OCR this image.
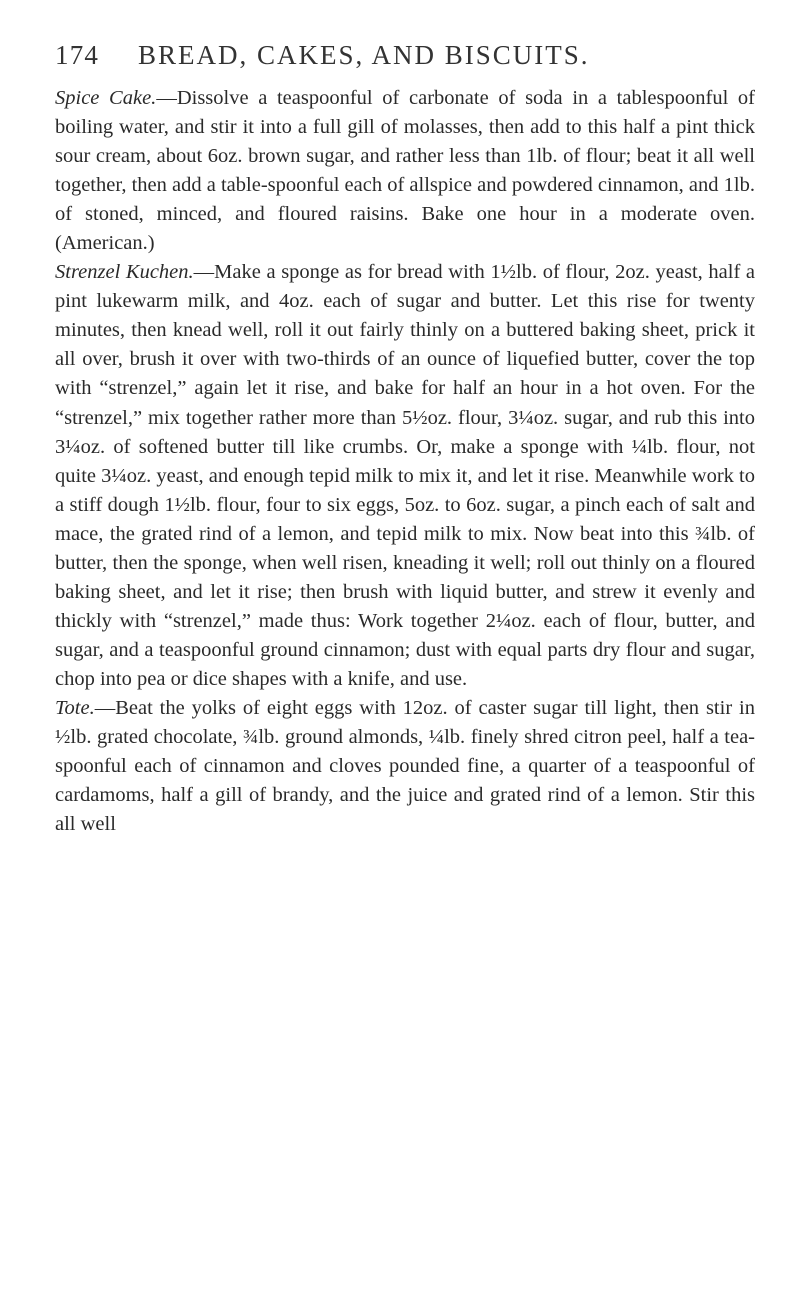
174 BREAD, CAKES, AND BISCUITS.

Spice Cake.—Dissolve a teaspoonful of carbonate of soda in a tablespoonful of boiling water, and stir it into a full gill of molasses, then add to this half a pint thick sour cream, about 6oz. brown sugar, and rather less than 1lb. of flour; beat it all well together, then add a table-spoonful each of allspice and powdered cinnamon, and 1lb. of stoned, minced, and floured raisins. Bake one hour in a moderate oven. (American.)

Strenzel Kuchen.—Make a sponge as for bread with 1½lb. of flour, 2oz. yeast, half a pint lukewarm milk, and 4oz. each of sugar and butter. Let this rise for twenty minutes, then knead well, roll it out fairly thinly on a buttered baking sheet, prick it all over, brush it over with two-thirds of an ounce of liquefied butter, cover the top with “strenzel,” again let it rise, and bake for half an hour in a hot oven. For the “strenzel,” mix together rather more than 5½oz. flour, 3¼oz. sugar, and rub this into 3¼oz. of softened butter till like crumbs. Or, make a sponge with ¼lb. flour, not quite 3¼oz. yeast, and enough tepid milk to mix it, and let it rise. Meanwhile work to a stiff dough 1½lb. flour, four to six eggs, 5oz. to 6oz. sugar, a pinch each of salt and mace, the grated rind of a lemon, and tepid milk to mix. Now beat into this ¾lb. of butter, then the sponge, when well risen, kneading it well; roll out thinly on a floured baking sheet, and let it rise; then brush with liquid butter, and strew it evenly and thickly with “strenzel,” made thus: Work together 2¼oz. each of flour, butter, and sugar, and a teaspoonful ground cinnamon; dust with equal parts dry flour and sugar, chop into pea or dice shapes with a knife, and use.

Tote.—Beat the yolks of eight eggs with 12oz. of caster sugar till light, then stir in ½lb. grated chocolate, ¾lb. ground almonds, ¼lb. finely shred citron peel, half a tea-spoonful each of cinnamon and cloves pounded fine, a quarter of a teaspoonful of cardamoms, half a gill of brandy, and the juice and grated rind of a lemon. Stir this all well
